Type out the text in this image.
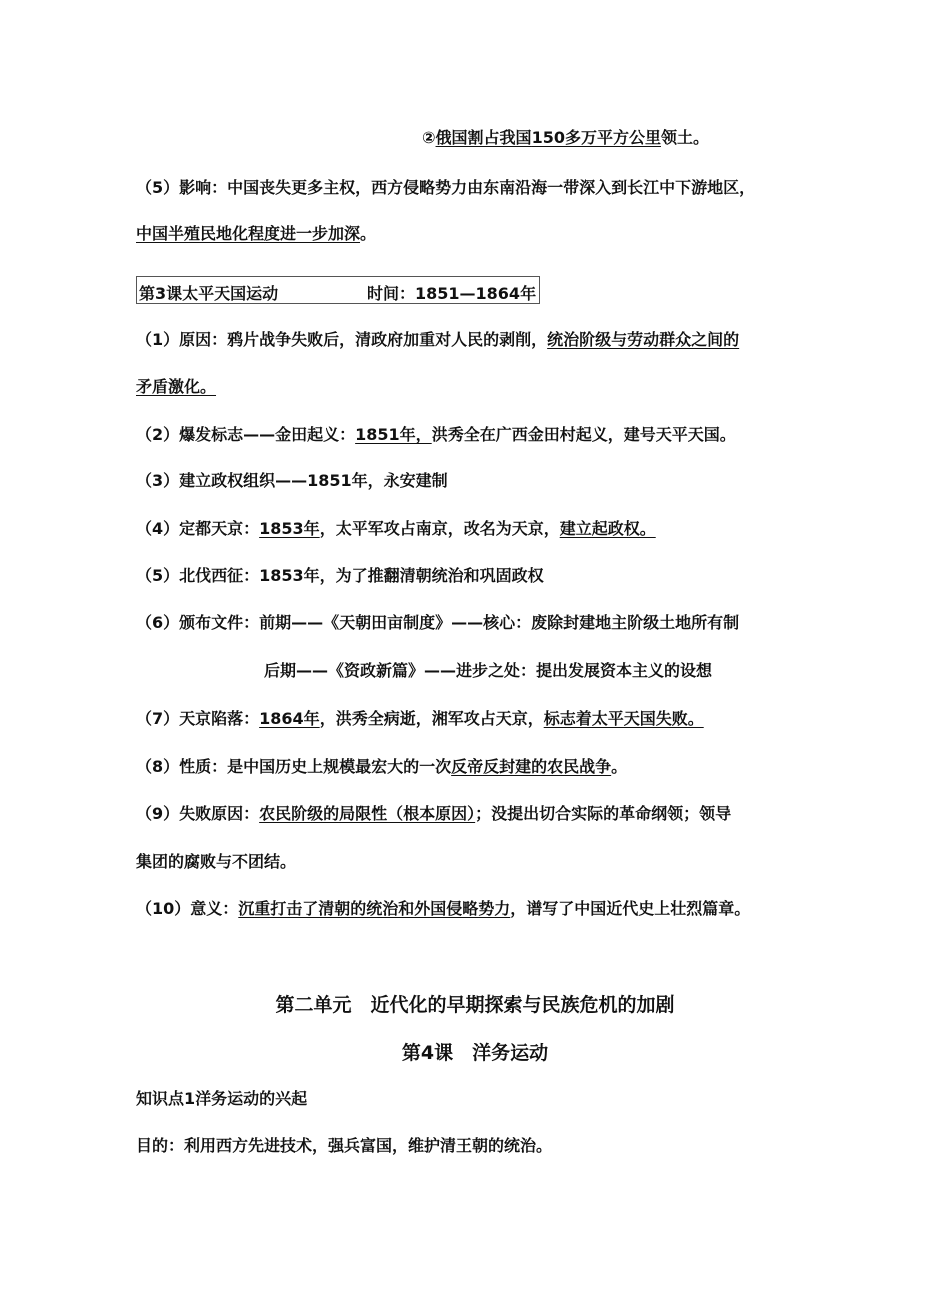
②俄国割占我国150多万平方公里领土。
（5）影响：中国丧失更多主权，西方侵略势力由东南沿海一带深入到长江中下游地区，
中国半殖民地化程度进一步加深。
第3课太平天国运动	时间：1851—1864年
（1）原因：鸦片战争失败后，清政府加重对人民的剥削，统治阶级与劳动群众之间的
矛盾激化。
（2）爆发标志——金田起义：1851年，洪秀全在广西金田村起义，建号天平天国。
（3）建立政权组织——1851年，永安建制
（4）定都天京：1853年，太平军攻占南京，改名为天京，建立起政权。
（5）北伐西征：1853年，为了推翻清朝统治和巩固政权
（6）颁布文件：前期——《天朝田亩制度》——核心：废除封建地主阶级土地所有制
后期——《资政新篇》——进步之处：提出发展资本主义的设想
（7）天京陷落：1864年，洪秀全病逝，湘军攻占天京，标志着太平天国失败。
（8）性质：是中国历史上规模最宏大的一次反帝反封建的农民战争。
（9）失败原因：农民阶级的局限性（根本原因）；没提出切合实际的革命纲领；领导
集团的腐败与不团结。
（10）意义：沉重打击了清朝的统治和外国侵略势力，谱写了中国近代史上壮烈篇章。
第二单元　近代化的早期探索与民族危机的加剧
第4课　洋务运动
知识点1洋务运动的兴起
目的：利用西方先进技术，强兵富国，维护清王朝的统治。
